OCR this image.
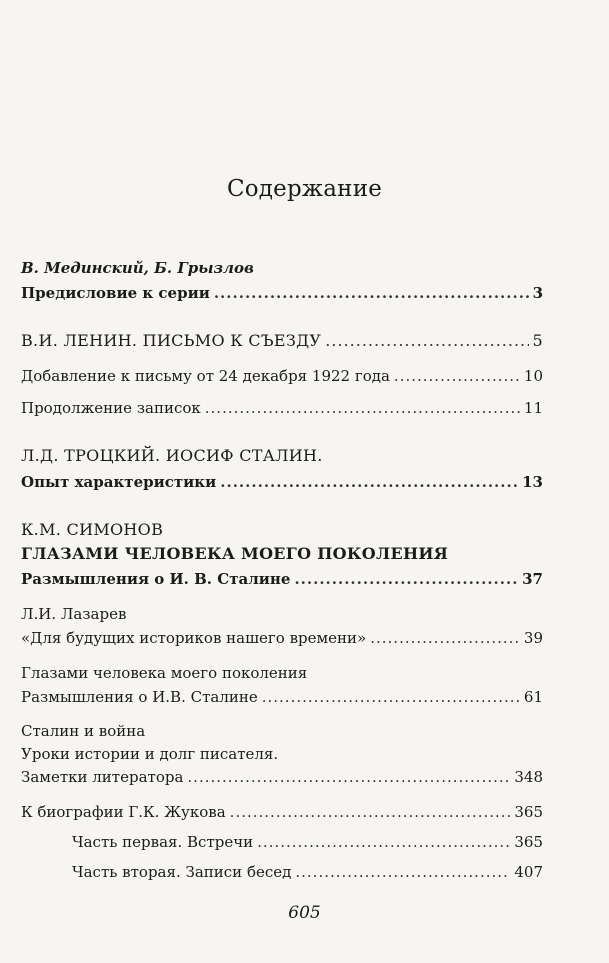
Содержание
В. Мединский, Б. Грызлов
Предисловие к серии .....	3
В.И. ЛЕНИН. ПИСЬМО К СЪЕЗДУ .....	5
Добавление к письму от 24 декабря 1922 года .....	10
Продолжение записок .....	11
Л.Д. ТРОЦКИЙ. ИОСИФ СТАЛИН.
Опыт характеристики .....	13
К.М. СИМОНОВ
ГЛАЗАМИ ЧЕЛОВЕКА МОЕГО ПОКОЛЕНИЯ
Размышления о И. В. Сталине .....	37
Л.И. Лазарев
«Для будущих историков нашего времени» .....	39
Глазами человека моего поколения
Размышления о И.В. Сталине .....	61
Сталин и война
Уроки истории и долг писателя.
Заметки литератора .....	348
К биографии Г.К. Жукова .....	365
Часть первая. Встречи .....	365
Часть вторая. Записи бесед .....	407
605
